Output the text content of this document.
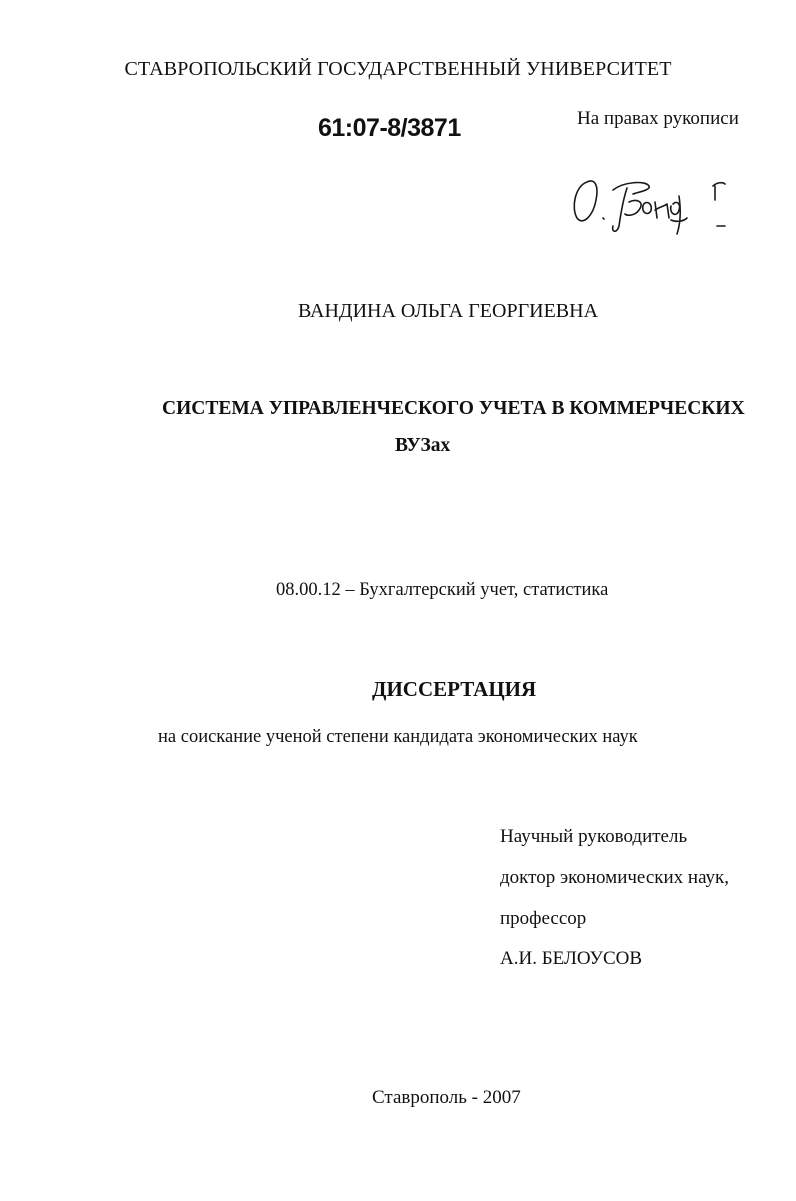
СТАВРОПОЛЬСКИЙ ГОСУДАРСТВЕННЫЙ УНИВЕРСИТЕТ
61:07-8/3871	На правах рукописи
ВАНДИНА ОЛЬГА ГЕОРГИЕВНА
СИСТЕМА УПРАВЛЕНЧЕСКОГО УЧЕТА В КОММЕРЧЕСКИХ
ВУЗах
08.00.12 – Бухгалтерский учет, статистика
ДИССЕРТАЦИЯ
на соискание ученой степени кандидата экономических наук
Научный руководитель
доктор экономических наук,
профессор
А.И. БЕЛОУСОВ
Ставрополь - 2007
